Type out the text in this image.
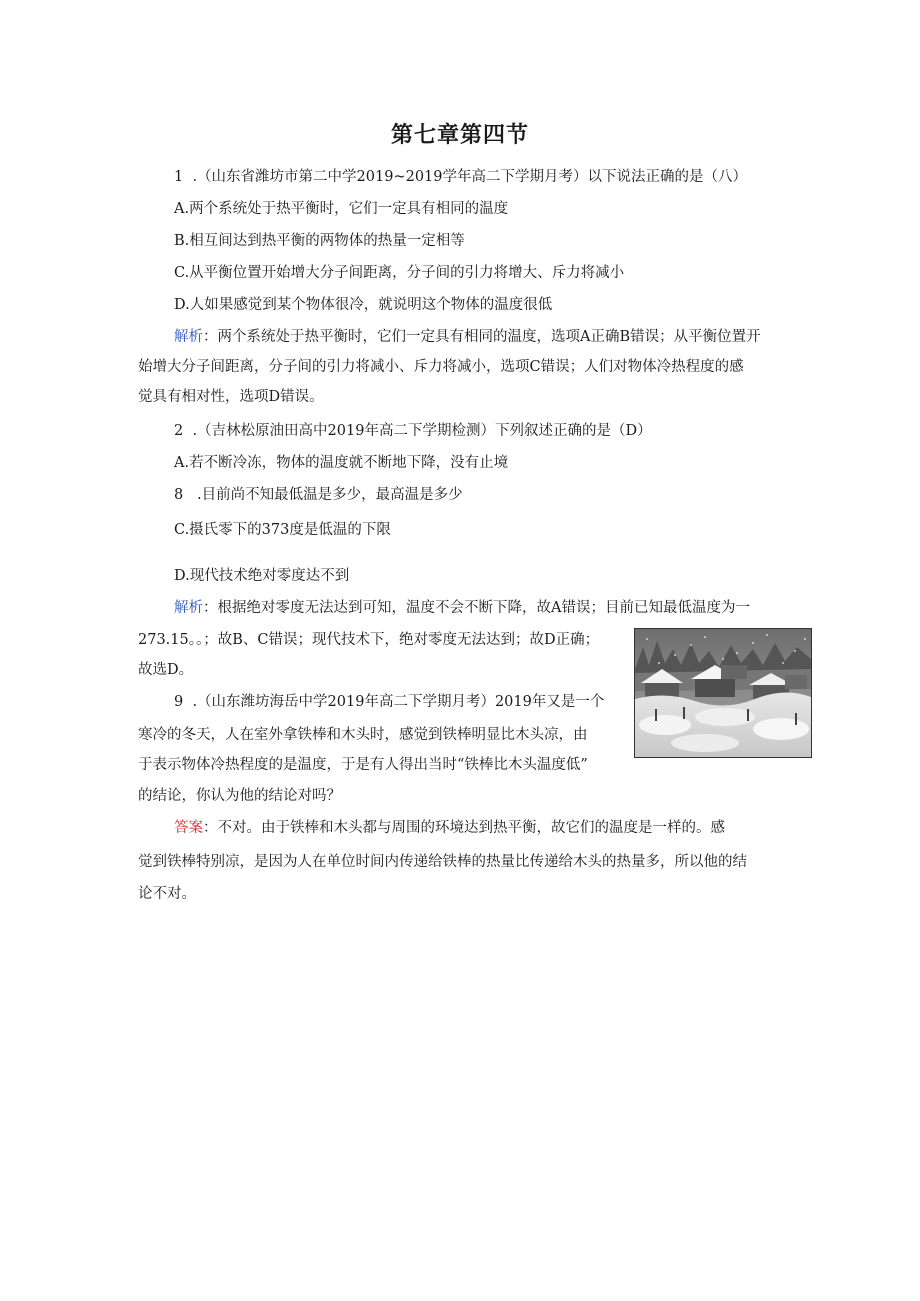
第七章第四节
1  .（山东省潍坊市第二中学2019~2019学年高二下学期月考）以下说法正确的是（八）
A.两个系统处于热平衡时，它们一定具有相同的温度
B.相互间达到热平衡的两物体的热量一定相等
C.从平衡位置开始增大分子间距离，分子间的引力将增大、斥力将减小
D.人如果感觉到某个物体很冷，就说明这个物体的温度很低
解析：两个系统处于热平衡时，它们一定具有相同的温度，选项A正确B错误；从平衡位置开
始增大分子间距离，分子间的引力将减小、斥力将减小，选项C错误；人们对物体冷热程度的感
觉具有相对性，选项D错误。
2  .（吉林松原油田高中2019年高二下学期检测）下列叙述正确的是（D）
A.若不断冷冻，物体的温度就不断地下降，没有止境
8   .目前尚不知最低温是多少，最高温是多少
C.摄氏零下的373度是低温的下限
D.现代技术绝对零度达不到
解析：根据绝对零度无法达到可知，温度不会不断下降，故A错误；目前已知最低温度为一
273.15。。；故B、C错误；现代技术下，绝对零度无法达到；故D正确；
故选D。
9  .（山东潍坊海岳中学2019年高二下学期月考）2019年又是一个
寒冷的冬天，人在室外拿铁棒和木头时，感觉到铁棒明显比木头凉，由
于表示物体冷热程度的是温度，于是有人得出当时“铁棒比木头温度低”
的结论，你认为他的结论对吗？
答案：不对。由于铁棒和木头都与周围的环境达到热平衡，故它们的温度是一样的。感
觉到铁棒特别凉，是因为人在单位时间内传递给铁棒的热量比传递给木头的热量多，所以他的结
论不对。
